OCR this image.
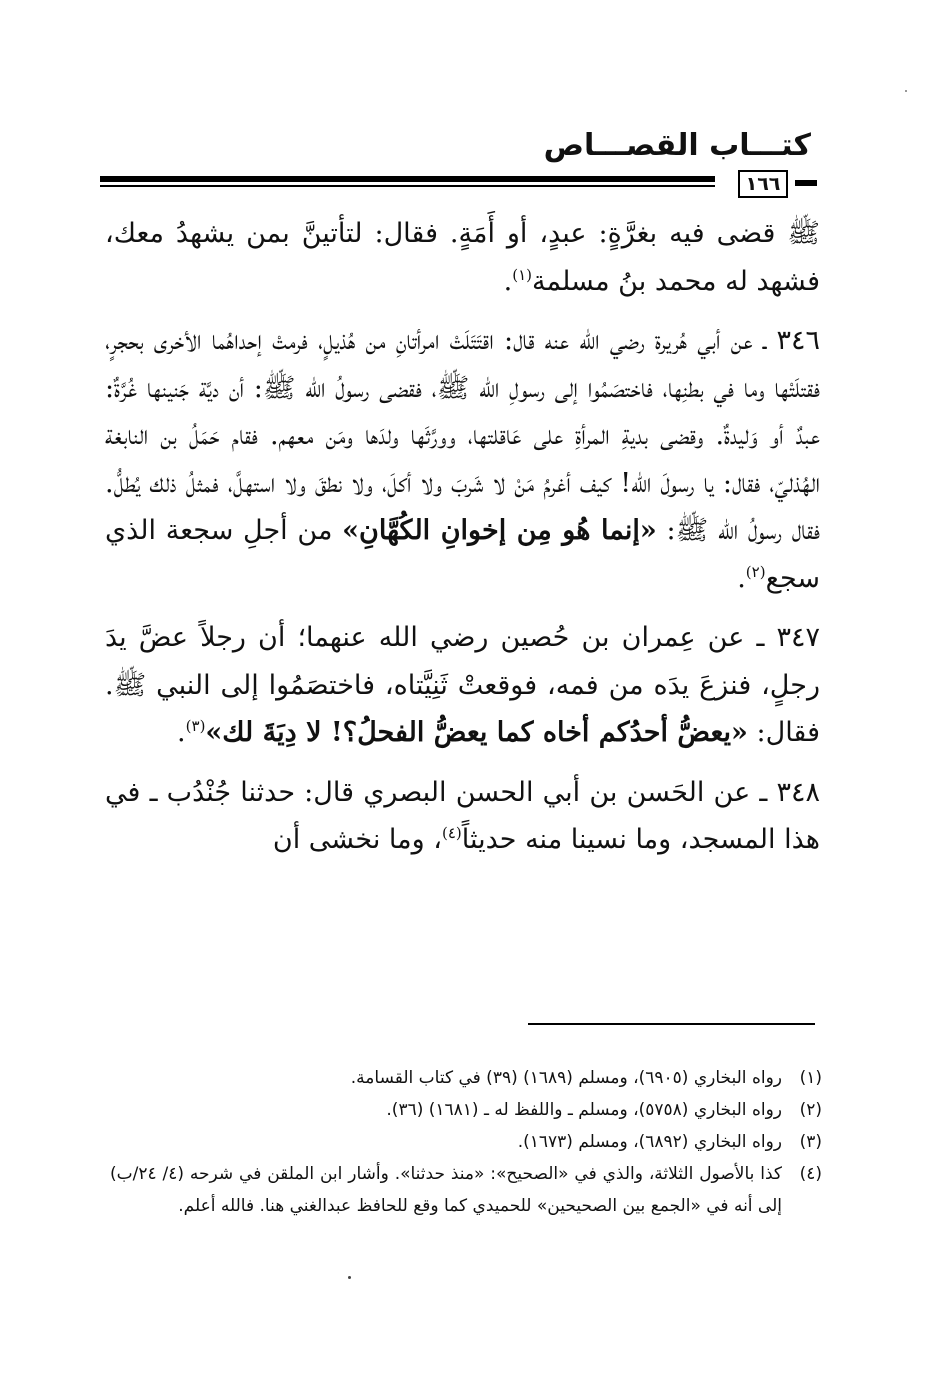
كتـــاب القصـــاص
١٦٦

ﷺ قضى فيه بغرَّةٍ: عبدٍ، أو أَمَةٍ. فقال: لتأتينَّ بمن يشهدُ معك، فشهد له محمد بنُ مسلمة$^{(١)}$.

٣٤٦ ـ عن أبي هُريرة رضي الله عنه قال: اقتَتَلَتْ امرأتانِ من هُذيلٍ، فرمتْ إحداهُما الأخرى بحجرٍ، فقتلَتْها وما في بطنِها، فاختصَمُوا إلى رسولِ الله ﷺ، فقضى رسولُ الله ﷺ: أن ديَّة جَنينها غُرَّةٌ: عبدٌ أو وَليدةٌ. وقضى بديةِ المرأةِ على عَاقلتها، وورَّثَها ولدَها ومَن معهم. فقام حَمَلُ بن النابغة الهُذليّ، فقال: يا رسولَ الله! كيف أغرمُ مَنْ لا شَربَ ولا أكلَ، ولا نطقَ ولا استهلَّ، فمثلُ ذلك يُطلُّ. فقال رسولُ الله ﷺ: «إنما هُو مِن إخوانِ الكُهَّانِ» من أجلِ سجعة الذي سجع$^{(٢)}$.

٣٤٧ ـ عن عِمران بن حُصين رضي الله عنهما؛ أن رجلاً عضَّ يدَ رجلٍ، فنزعَ يدَه من فمه، فوقعتْ ثَنِيَّتاه، فاختصَمُوا إلى النبي ﷺ. فقال: «يعضُّ أحدُكم أخاه كما يعضُّ الفحلُ؟! لا دِيَةَ لك»$^{(٣)}$.

٣٤٨ ـ عن الحَسن بن أبي الحسن البصري قال: حدثنا جُنْدُب ـ في هذا المسجد، وما نسينا منه حديثاً$^{(٤)}$، وما نخشى أن

(١)
رواه البخاري (٦٩٠٥)، ومسلم (١٦٨٩) (٣٩) في كتاب القسامة.
(٢)
رواه البخاري (٥٧٥٨)، ومسلم ـ واللفظ له ـ (١٦٨١) (٣٦).
(٣)
رواه البخاري (٦٨٩٢)، ومسلم (١٦٧٣).
(٤)
كذا بالأصول الثلاثة، والذي في «الصحيح»: «منذ حدثنا». وأشار ابن الملقن في شرحه (٤/ ٢٤/ب) إلى أنه في «الجمع بين الصحيحين» للحميدي كما وقع للحافظ عبدالغني هنا. فالله أعلم.
